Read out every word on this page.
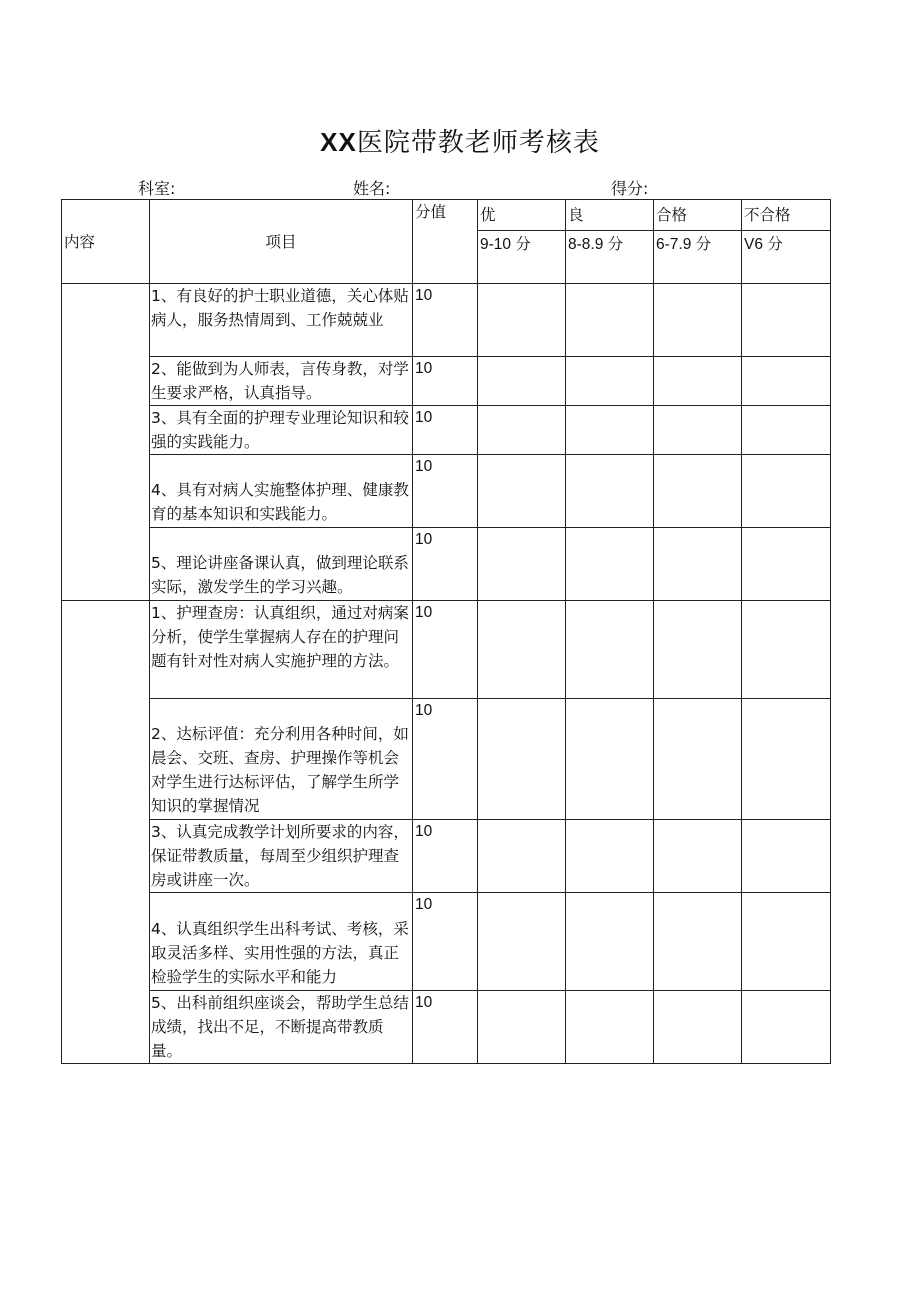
XX医院带教老师考核表
科室:	姓名:	得分:
内容	项目	分值	优	良	合格	不合格
			9-10 分	8-8.9 分	6-7.9 分	V6 分

	1、有良好的护士职业道德，关心体贴病人，服务热情周到、工作兢兢业	10				

	2、能做到为人师表，言传身教，对学生要求严格，认真指导。	10				

	3、具有全面的护理专业理论知识和较强的实践能力。	10				

	4、具有对病人实施整体护理、健康教育的基本知识和实践能力。	10				

	5、理论讲座备课认真，做到理论联系实际，激发学生的学习兴趣。	10				

	1、护理查房：认真组织，通过对病案分析，使学生掌握病人存在的护理问题有针对性对病人实施护理的方法。	10				

	2、达标评值：充分利用各种时间，如晨会、交班、查房、护理操作等机会对学生进行达标评估，了解学生所学知识的掌握情况	10				

	3、认真完成教学计划所要求的内容，保证带教质量，每周至少组织护理查房或讲座一次。	10				

	4、认真组织学生出科考试、考核，采取灵活多样、实用性强的方法，真正检验学生的实际水平和能力	10				

	5、出科前组织座谈会，帮助学生总结成绩，找出不足，不断提高带教质量。	10				
